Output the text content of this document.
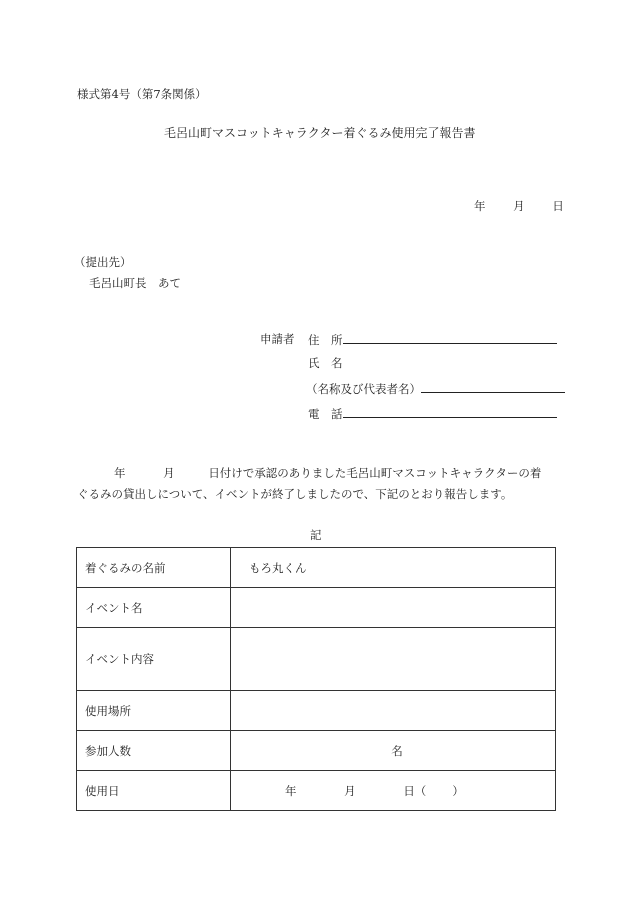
様式第4号（第7条関係）
毛呂山町マスコットキャラクター着ぐるみ使用完了報告書
年 月 日
（提出先）
毛呂山町長　あて
申請者 住　所
氏　名
（名称及び代表者名）
電　話
年	月	日付けで承認のありました毛呂山町マスコットキャラクターの着
ぐるみの貸出しについて、イベントが終了しましたので、下記のとおり報告します。
記
着ぐるみの名前	もろ丸くん
イベント名	
イベント内容	
使用場所	
参加人数	名
使用日	年 月 日（ ）
